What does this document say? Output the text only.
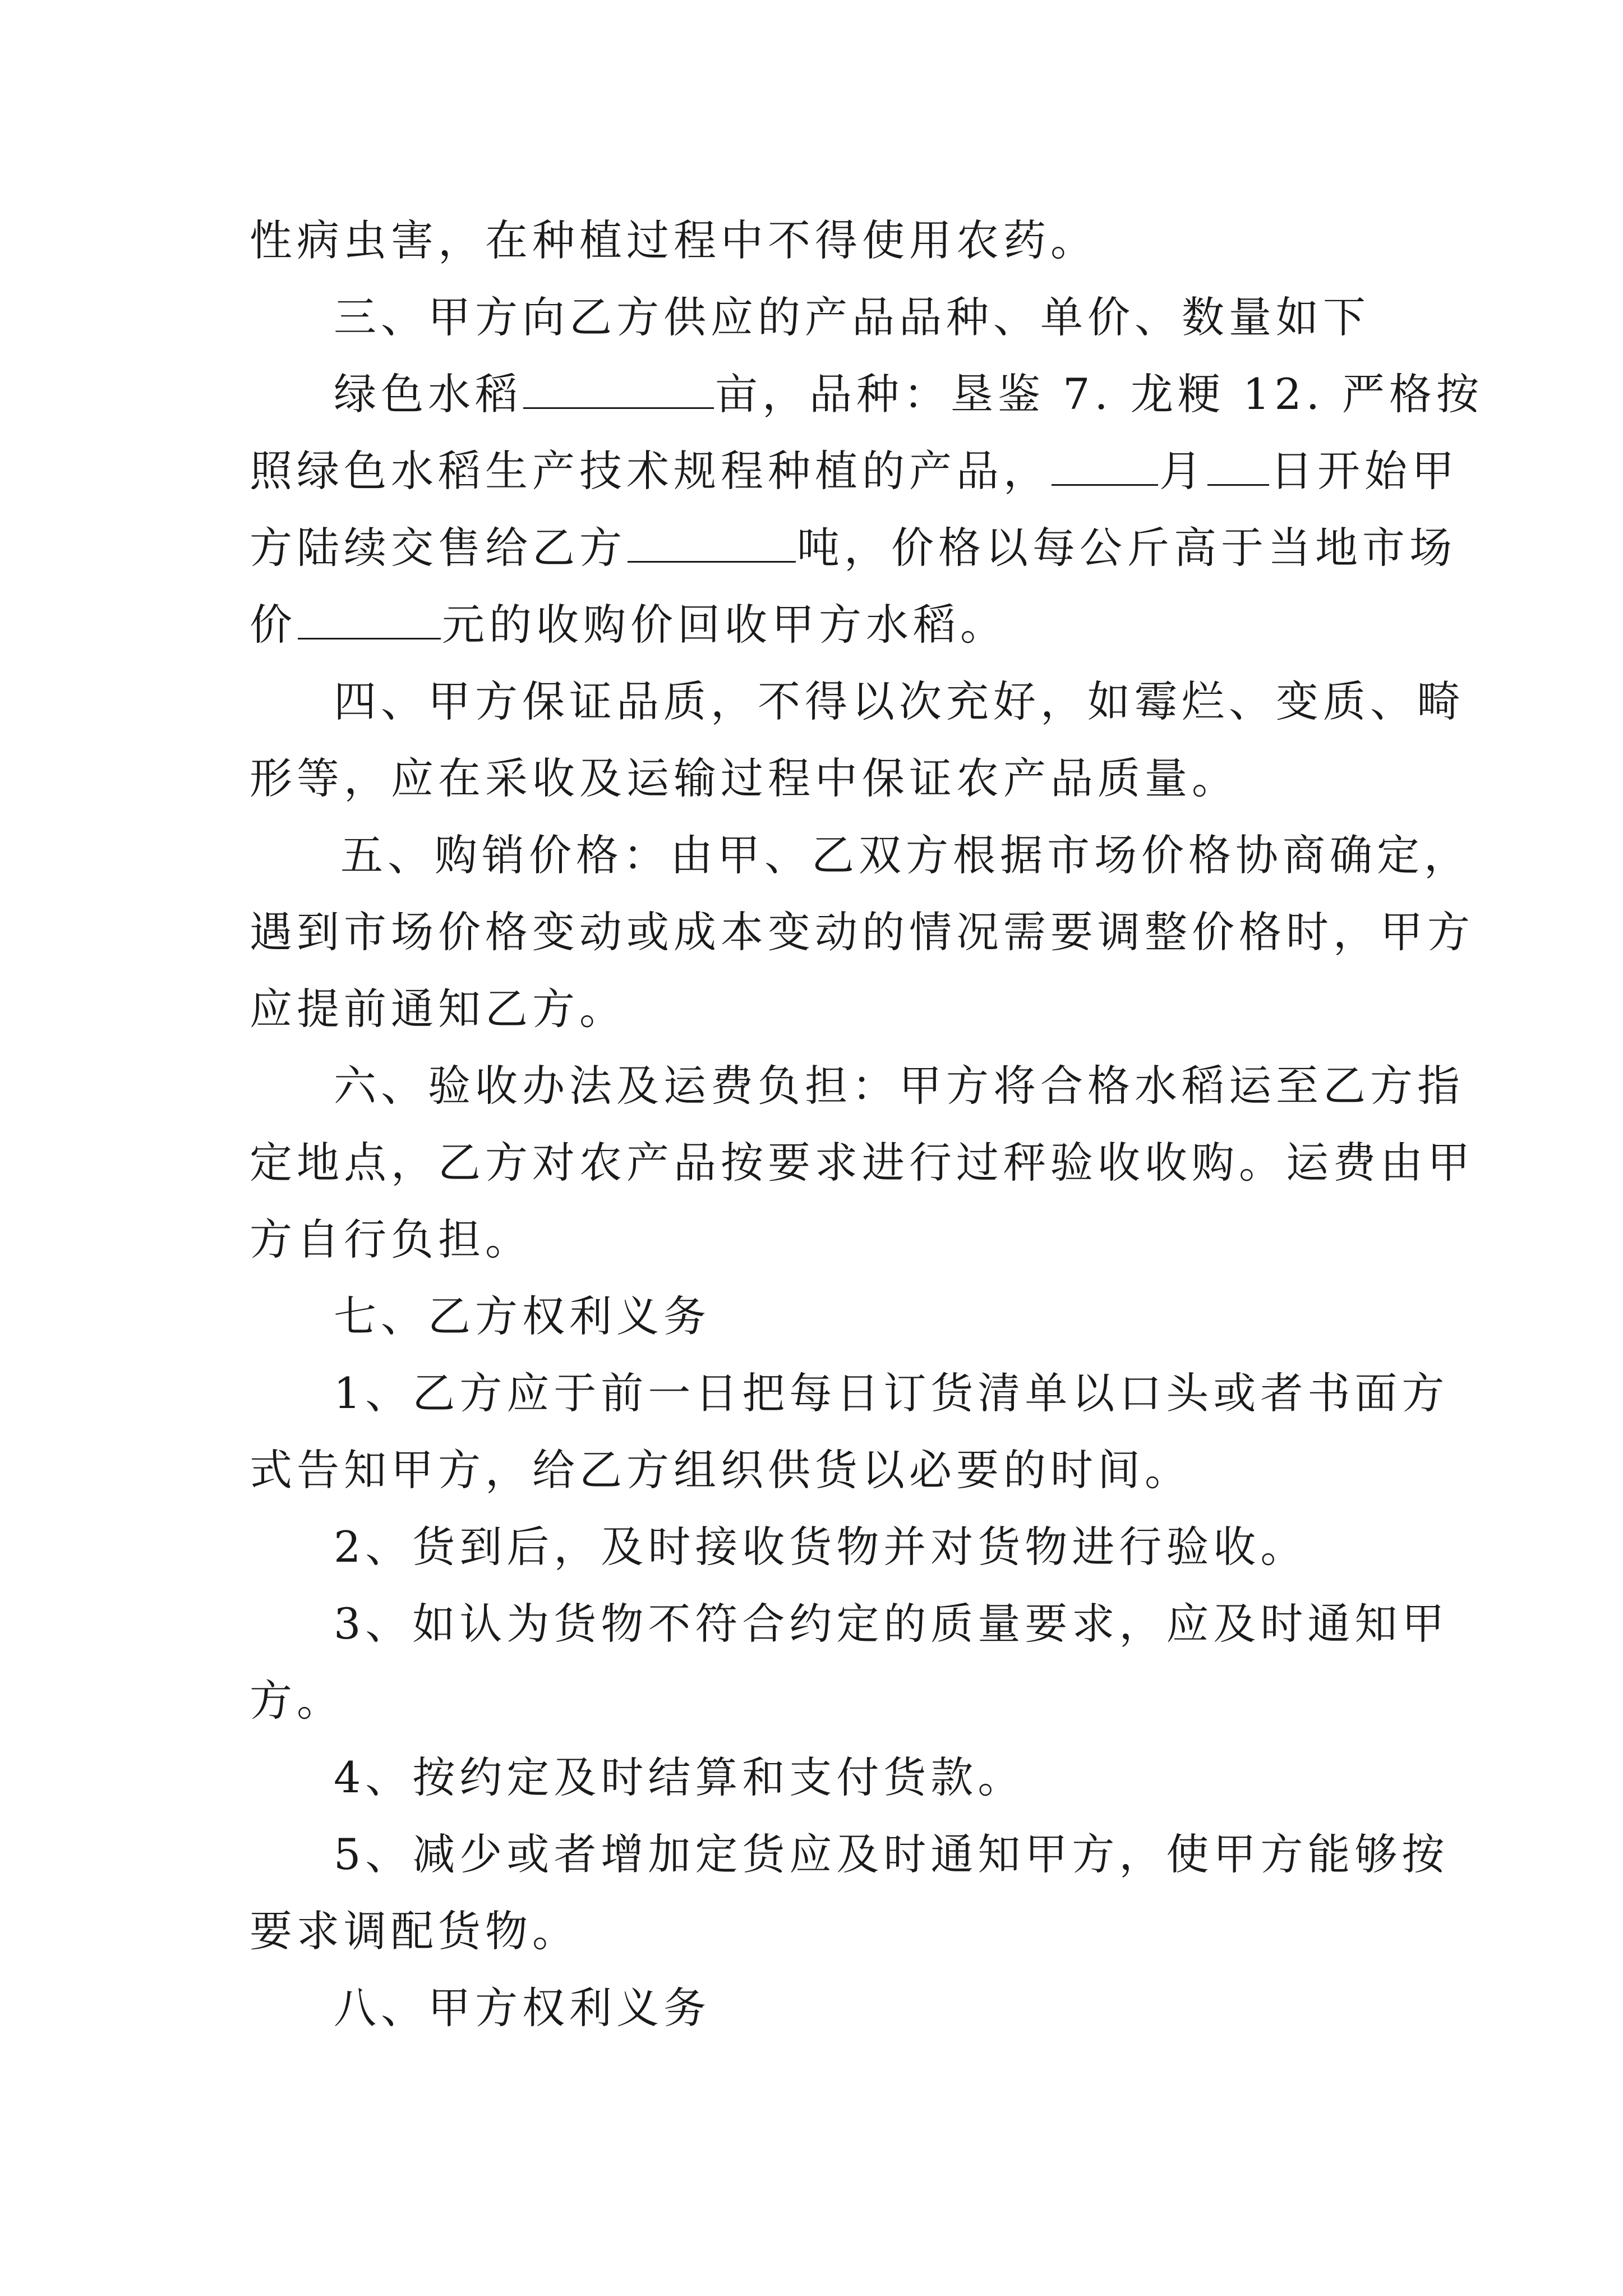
性病虫害，在种植过程中不得使用农药。

三、甲方向乙方供应的产品品种、单价、数量如下

绿色水稻	亩，品种：垦鉴 7. 龙粳 12. 严格按

照绿色水稻生产技术规程种植的产品，	月 日开始甲

方陆续交售给乙方	吨，价格以每公斤高于当地市场

价	元的收购价回收甲方水稻。

四、甲方保证品质，不得以次充好，如霉烂、变质、畸

形等，应在采收及运输过程中保证农产品质量。

五、购销价格：由甲、乙双方根据市场价格协商确定，

遇到市场价格变动或成本变动的情况需要调整价格时，甲方

应提前通知乙方。

六、验收办法及运费负担：甲方将合格水稻运至乙方指

定地点，乙方对农产品按要求进行过秤验收收购。运费由甲

方自行负担。

七、乙方权利义务

1、乙方应于前一日把每日订货清单以口头或者书面方

式告知甲方，给乙方组织供货以必要的时间。

2、货到后，及时接收货物并对货物进行验收。

3、如认为货物不符合约定的质量要求，应及时通知甲

方。

4、按约定及时结算和支付货款。

5、减少或者增加定货应及时通知甲方，使甲方能够按

要求调配货物。

八、甲方权利义务
